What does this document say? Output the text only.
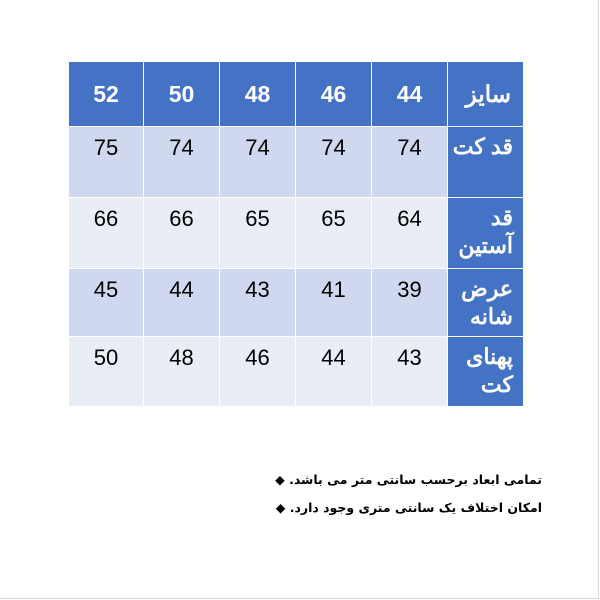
52	50	48	46	44	سایز
75	74	74	74	74	قد کت
66	66	65	65	64	قد آستین
45	44	43	41	39	عرض شانه
50	48	46	44	43	پهنای کت

تمامی ابعاد برحسب سانتی متر می باشد. ◆

امکان اختلاف یک سانتی متری وجود دارد. ◆
